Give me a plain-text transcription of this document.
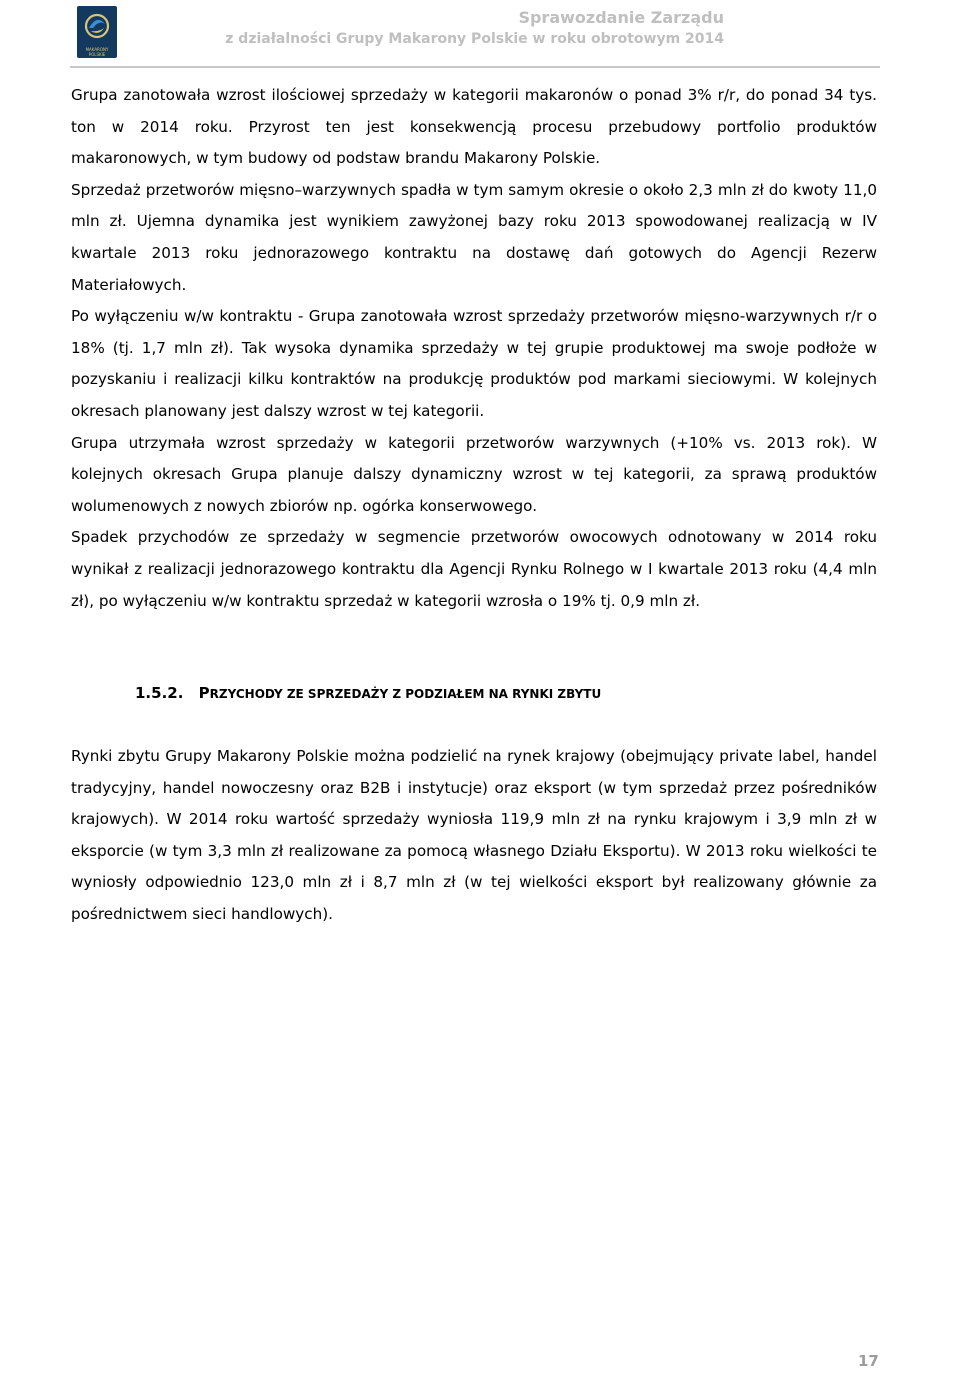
MAKARONY
POLSKIE
Sprawozdanie Zarządu
z działalności Grupy Makarony Polskie w roku obrotowym 2014

Grupa zanotowała wzrost ilościowej sprzedaży w kategorii makaronów o ponad 3% r/r, do ponad 34 tys. ton w 2014 roku. Przyrost ten jest konsekwencją procesu przebudowy portfolio produktów makaronowych, w tym budowy od podstaw brandu Makarony Polskie.

Sprzedaż przetworów mięsno–warzywnych spadła w tym samym okresie o około 2,3 mln zł do kwoty 11,0 mln zł. Ujemna dynamika jest wynikiem zawyżonej bazy roku 2013 spowodowanej realizacją w IV kwartale 2013 roku jednorazowego kontraktu na dostawę dań gotowych do Agencji Rezerw Materiałowych.

Po wyłączeniu w/w kontraktu - Grupa zanotowała wzrost sprzedaży przetworów mięsno-warzywnych r/r o 18% (tj. 1,7 mln zł). Tak wysoka dynamika sprzedaży w tej grupie produktowej ma swoje podłoże w pozyskaniu i realizacji kilku kontraktów na produkcję produktów pod markami sieciowymi. W kolejnych okresach planowany jest dalszy wzrost w tej kategorii.

Grupa utrzymała wzrost sprzedaży w kategorii przetworów warzywnych (+10% vs. 2013 rok). W kolejnych okresach Grupa planuje dalszy dynamiczny wzrost w tej kategorii, za sprawą produktów wolumenowych z nowych zbiorów np. ogórka konserwowego.

Spadek przychodów ze sprzedaży w segmencie przetworów owocowych odnotowany w 2014 roku wynikał z realizacji jednorazowego kontraktu dla Agencji Rynku Rolnego w I kwartale 2013 roku (4,4 mln zł), po wyłączeniu w/w kontraktu sprzedaż w kategorii wzrosła o 19% tj. 0,9 mln zł.

1.5.2. PRZYCHODY ZE SPRZEDAŻY Z PODZIAŁEM NA RYNKI ZBYTU

Rynki zbytu Grupy Makarony Polskie można podzielić na rynek krajowy (obejmujący private label, handel tradycyjny, handel nowoczesny oraz B2B i instytucje) oraz eksport (w tym sprzedaż przez pośredników krajowych). W 2014 roku wartość sprzedaży wyniosła 119,9 mln zł na rynku krajowym i 3,9 mln zł w eksporcie (w tym 3,3 mln zł realizowane za pomocą własnego Działu Eksportu). W 2013 roku wielkości te wyniosły odpowiednio 123,0 mln zł i 8,7 mln zł (w tej wielkości eksport był realizowany głównie za pośrednictwem sieci handlowych).

17
